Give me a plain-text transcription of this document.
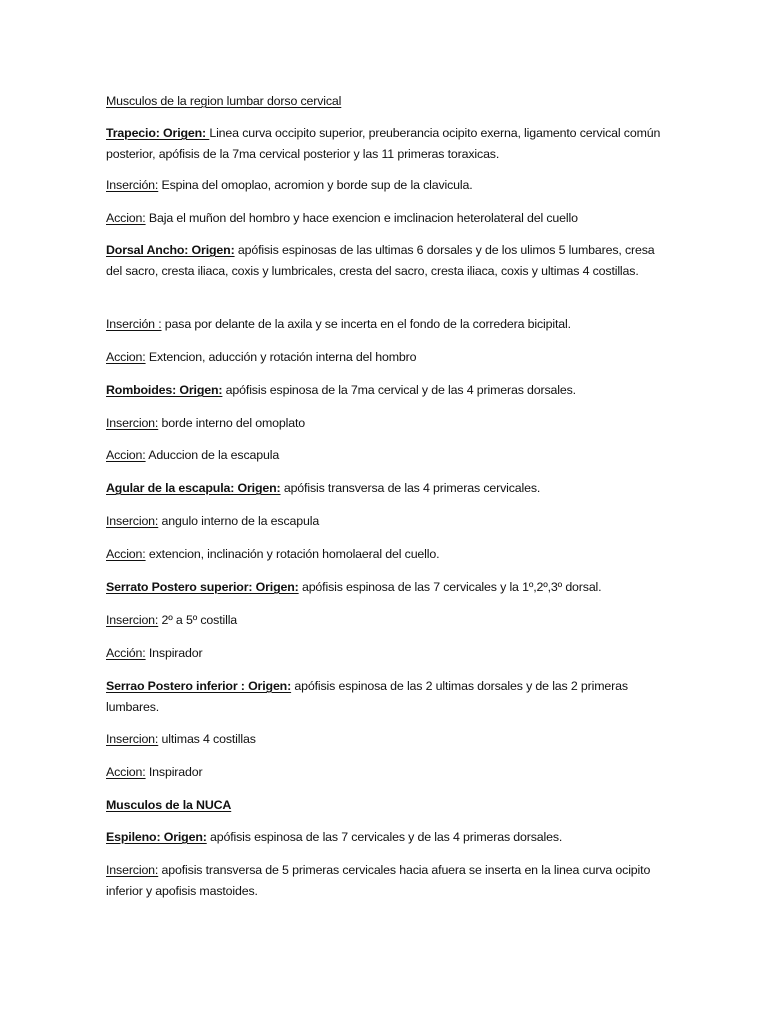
Musculos de la region lumbar dorso cervical

Trapecio: Origen: Linea curva occipito superior, preuberancia ocipito exerna, ligamento cervical común posterior, apófisis de la 7ma cervical posterior y las 11 primeras toraxicas.

Inserción: Espina del omoplao, acromion y borde sup de la clavicula.

Accion: Baja el muñon del hombro y hace exencion e imclinacion heterolateral del cuello

Dorsal Ancho: Origen: apófisis espinosas de las ultimas 6 dorsales y de los ulimos 5 lumbares, cresa del sacro, cresta iliaca, coxis y lumbricales, cresta del sacro, cresta iliaca, coxis y ultimas 4 costillas.

Inserción : pasa por delante de la axila y se incerta en el fondo de la corredera bicipital.

Accion: Extencion, aducción y rotación interna del hombro

Romboides: Origen: apófisis espinosa de la 7ma cervical y de las 4 primeras dorsales.

Insercion: borde interno del omoplato

Accion: Aduccion de la escapula

Agular de la escapula: Origen: apófisis transversa de las 4 primeras cervicales.

Insercion: angulo interno de la escapula

Accion: extencion, inclinación y rotación homolaeral del cuello.

Serrato Postero superior: Origen: apófisis espinosa de las 7 cervicales y la 1º,2º,3º dorsal.

Insercion: 2º a 5º costilla

Acción: Inspirador

Serrao Postero inferior : Origen: apófisis espinosa de las 2 ultimas dorsales y de las 2 primeras lumbares.

Insercion: ultimas 4 costillas

Accion: Inspirador

Musculos de la NUCA

Espileno: Origen: apófisis espinosa de las 7 cervicales y de las 4 primeras dorsales.

Insercion: apofisis transversa de 5 primeras cervicales hacia afuera se inserta en la linea curva ocipito inferior y apofisis mastoides.
